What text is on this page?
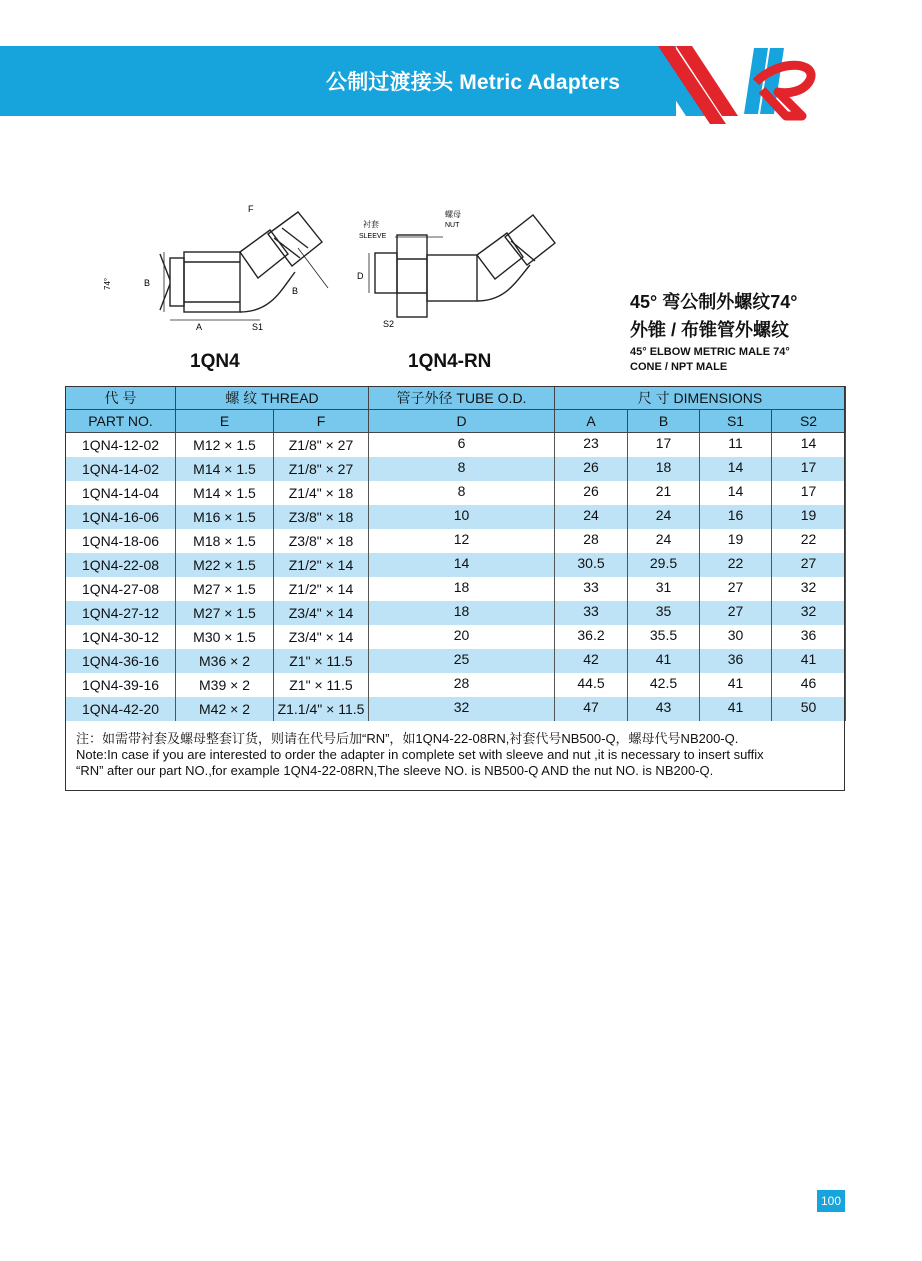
公制过渡接头 Metric Adapters
F
74°	B
B
A	S1
衬套
SLEEVE
螺母
NUT
D
S2
1QN4	1QN4-RN
45° 弯公制外螺纹74°
外锥 / 布锥管外螺纹
45° ELBOW METRIC MALE 74°
CONE / NPT MALE
代 号	螺 纹 THREAD		管子外径 TUBE O.D.	尺 寸 DIMENSIONS			
PART NO.	E	F	D	A	B	S1	S2
1QN4-12-02	M12 × 1.5	Z1/8" × 27	6	23	17	11	14
1QN4-14-02	M14 × 1.5	Z1/8" × 27	8	26	18	14	17
1QN4-14-04	M14 × 1.5	Z1/4" × 18	8	26	21	14	17
1QN4-16-06	M16 × 1.5	Z3/8" × 18	10	24	24	16	19
1QN4-18-06	M18 × 1.5	Z3/8" × 18	12	28	24	19	22
1QN4-22-08	M22 × 1.5	Z1/2" × 14	14	30.5	29.5	22	27
1QN4-27-08	M27 × 1.5	Z1/2" × 14	18	33	31	27	32
1QN4-27-12	M27 × 1.5	Z3/4" × 14	18	33	35	27	32
1QN4-30-12	M30 × 1.5	Z3/4" × 14	20	36.2	35.5	30	36
1QN4-36-16	M36 × 2	Z1" × 11.5	25	42	41	36	41
1QN4-39-16	M39 × 2	Z1" × 11.5	28	44.5	42.5	41	46
1QN4-42-20	M42 × 2	Z1.1/4" × 11.5	32	47	43	41	50
注：如需带衬套及螺母整套订货，则请在代号后加“RN”，如1QN4-22-08RN,衬套代号NB500-Q，螺母代号NB200-Q.
Note:In case if you are interested to order the adapter in complete set with sleeve and nut ,it is necessary to insert suffix
“RN” after our part NO.,for example 1QN4-22-08RN,The sleeve NO. is NB500-Q AND the nut NO. is NB200-Q.
100
